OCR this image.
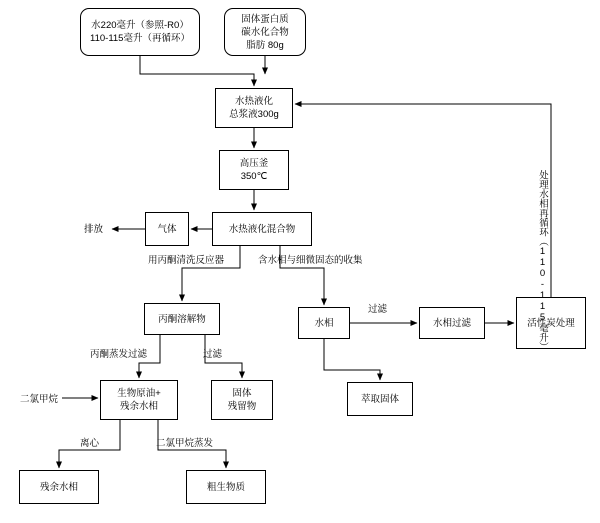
水220毫升（参照-R0）
110-115毫升（再循环）
固体蛋白质
碳水化合物
脂肪 80g
水热液化
总浆液300g
高压釜
350℃
水热液化混合物
气体
丙酮溶解物	水相	水相过滤	活性炭处理
生物原油+
残余水相
固体
残留物
萃取固体
残余水相	粗生物质
排放
用丙酮清洗反应器	含水相与细微固态的收集
丙酮蒸发过滤	过滤
过滤
二氯甲烷
离心	二氯甲烷蒸发
处理水相再循环（110-115毫升）
